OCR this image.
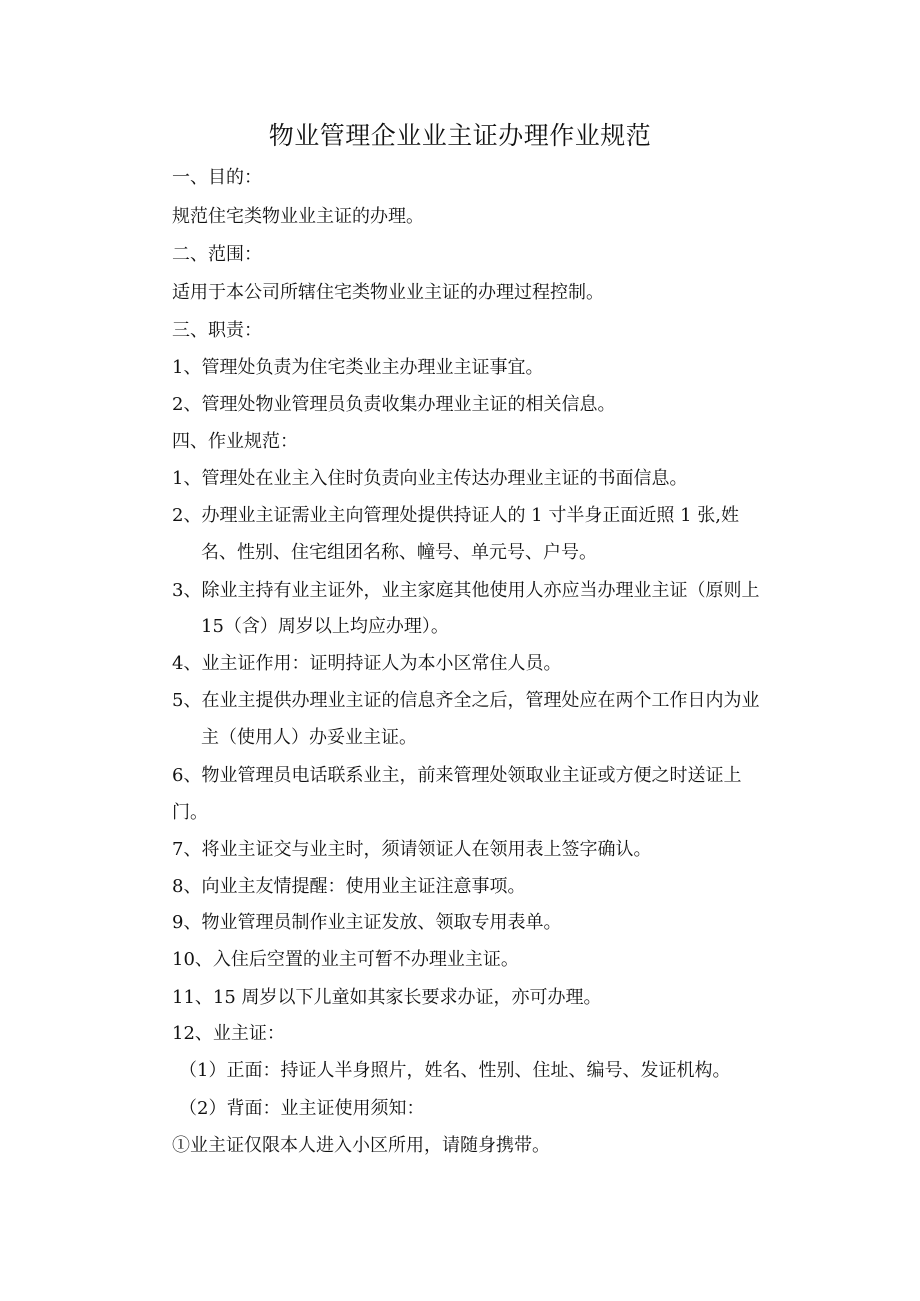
物业管理企业业主证办理作业规范
一、目的：
规范住宅类物业业主证的办理。
二、范围：
适用于本公司所辖住宅类物业业主证的办理过程控制。
三、职责：
1、管理处负责为住宅类业主办理业主证事宜。
2、管理处物业管理员负责收集办理业主证的相关信息。
四、作业规范：
1、管理处在业主入住时负责向业主传达办理业主证的书面信息。
2、办理业主证需业主向管理处提供持证人的 1 寸半身正面近照 1 张,姓
名、性别、住宅组团名称、幢号、单元号、户号。
3、除业主持有业主证外，业主家庭其他使用人亦应当办理业主证（原则上
15（含）周岁以上均应办理）。
4、业主证作用：证明持证人为本小区常住人员。
5、在业主提供办理业主证的信息齐全之后，管理处应在两个工作日内为业
主（使用人）办妥业主证。
6、物业管理员电话联系业主，前来管理处领取业主证或方便之时送证上
门。
7、将业主证交与业主时，须请领证人在领用表上签字确认。
8、向业主友情提醒：使用业主证注意事项。
9、物业管理员制作业主证发放、领取专用表单。
10、入住后空置的业主可暂不办理业主证。
11、15 周岁以下儿童如其家长要求办证，亦可办理。
12、业主证：
（1）正面：持证人半身照片，姓名、性别、住址、编号、发证机构。
（2）背面：业主证使用须知：
①业主证仅限本人进入小区所用，请随身携带。
